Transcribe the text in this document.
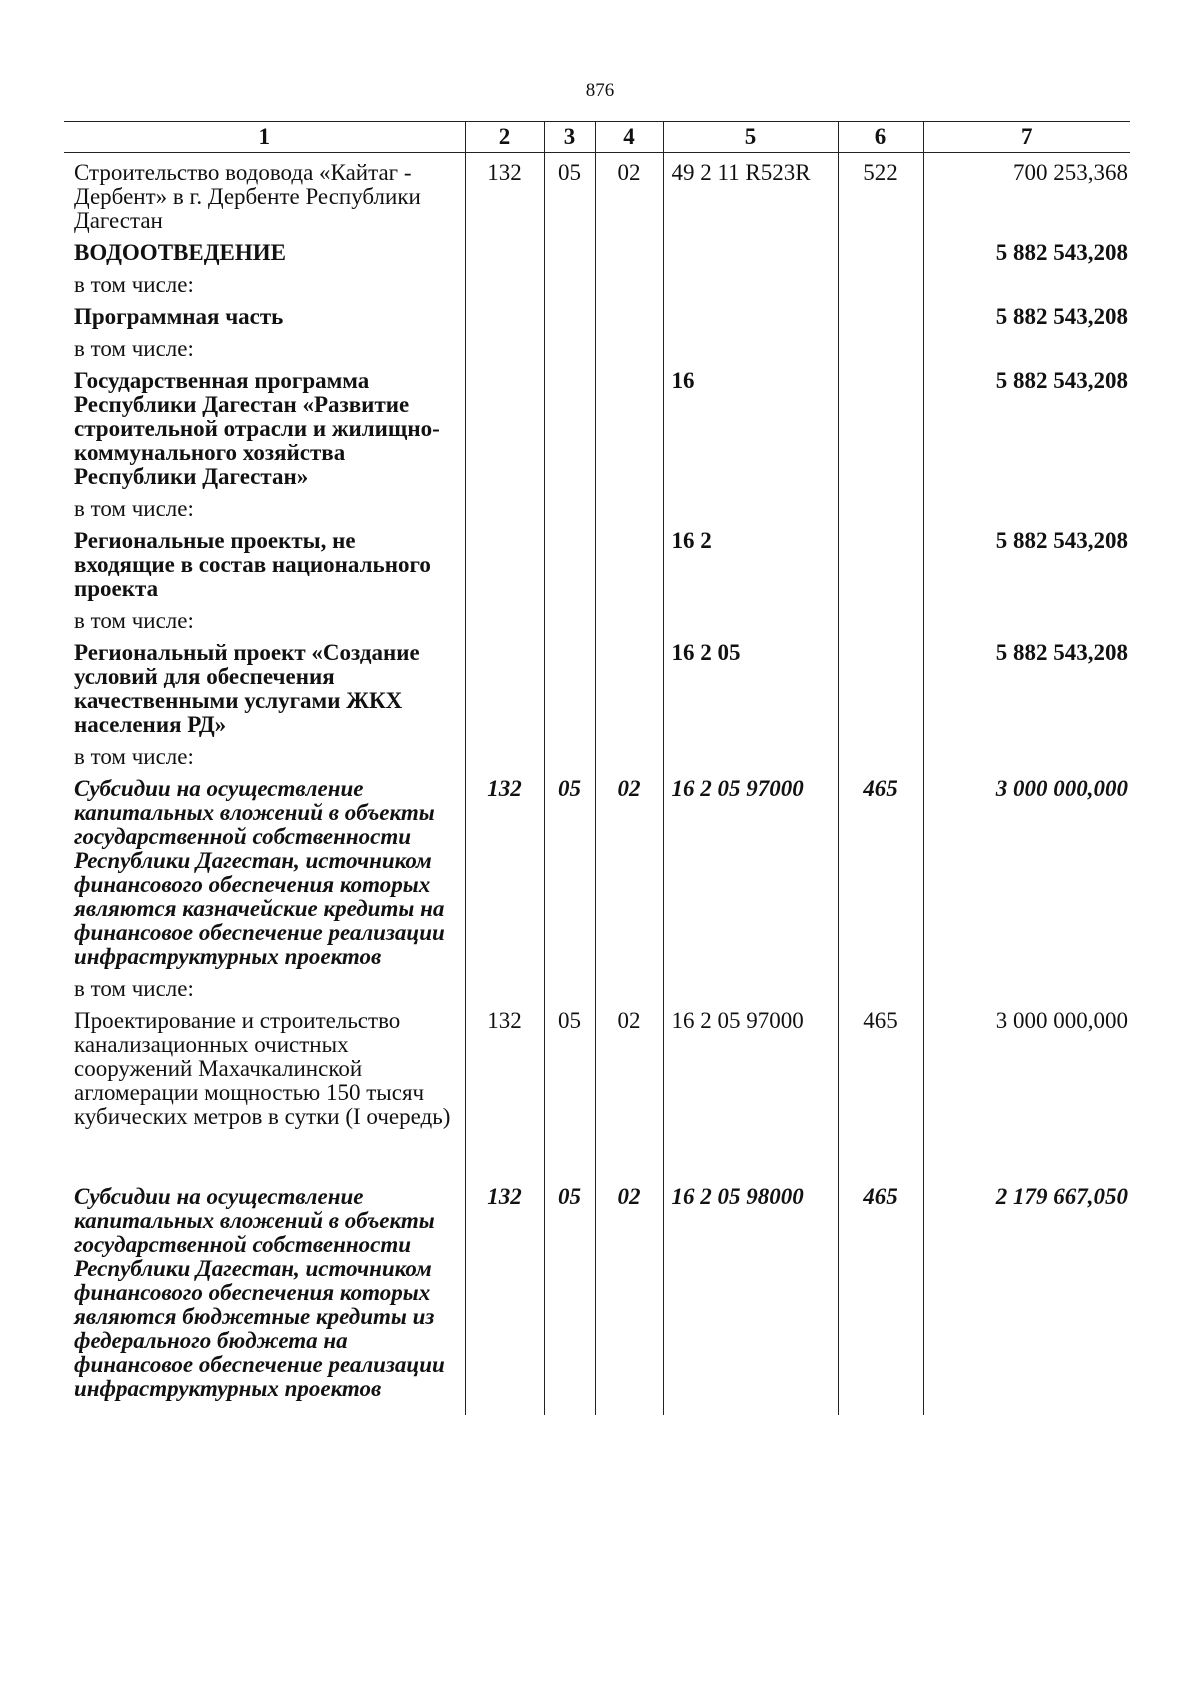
876
1	2	3	4	5	6	7
Строительство водовода «Кайтаг - Дербент» в г. Дербенте Республики Дагестан	132	05	02	49 2 11 R523R	522	700 253,368
ВОДООТВЕДЕНИЕ						5 882 543,208
в том числе:						
Программная часть						5 882 543,208
в том числе:						
Государственная программа Республики Дагестан «Развитие строительной отрасли и жилищно-коммунального хозяйства Республики Дагестан»				16		5 882 543,208
в том числе:						
Региональные проекты, не входящие в состав национального проекта				16 2		5 882 543,208
в том числе:						
Региональный проект «Создание условий для обеспечения качественными услугами ЖКХ населения РД»				16 2 05		5 882 543,208
в том числе:						
Субсидии на осуществление капитальных вложений в объекты государственной собственности Республики Дагестан, источником финансового обеспечения которых являются казначейские кредиты на финансовое обеспечение реализации инфраструктурных проектов	132	05	02	16 2 05 97000	465	3 000 000,000
в том числе:						
Проектирование и строительство канализационных очистных сооружений Махачкалинской агломерации мощностью 150 тысяч кубических метров в сутки (I очередь)	132	05	02	16 2 05 97000	465	3 000 000,000

Субсидии на осуществление капитальных вложений в объекты государственной собственности Республики Дагестан, источником финансового обеспечения которых являются бюджетные кредиты из федерального бюджета на финансовое обеспечение реализации инфраструктурных проектов	132	05	02	16 2 05 98000	465	2 179 667,050
